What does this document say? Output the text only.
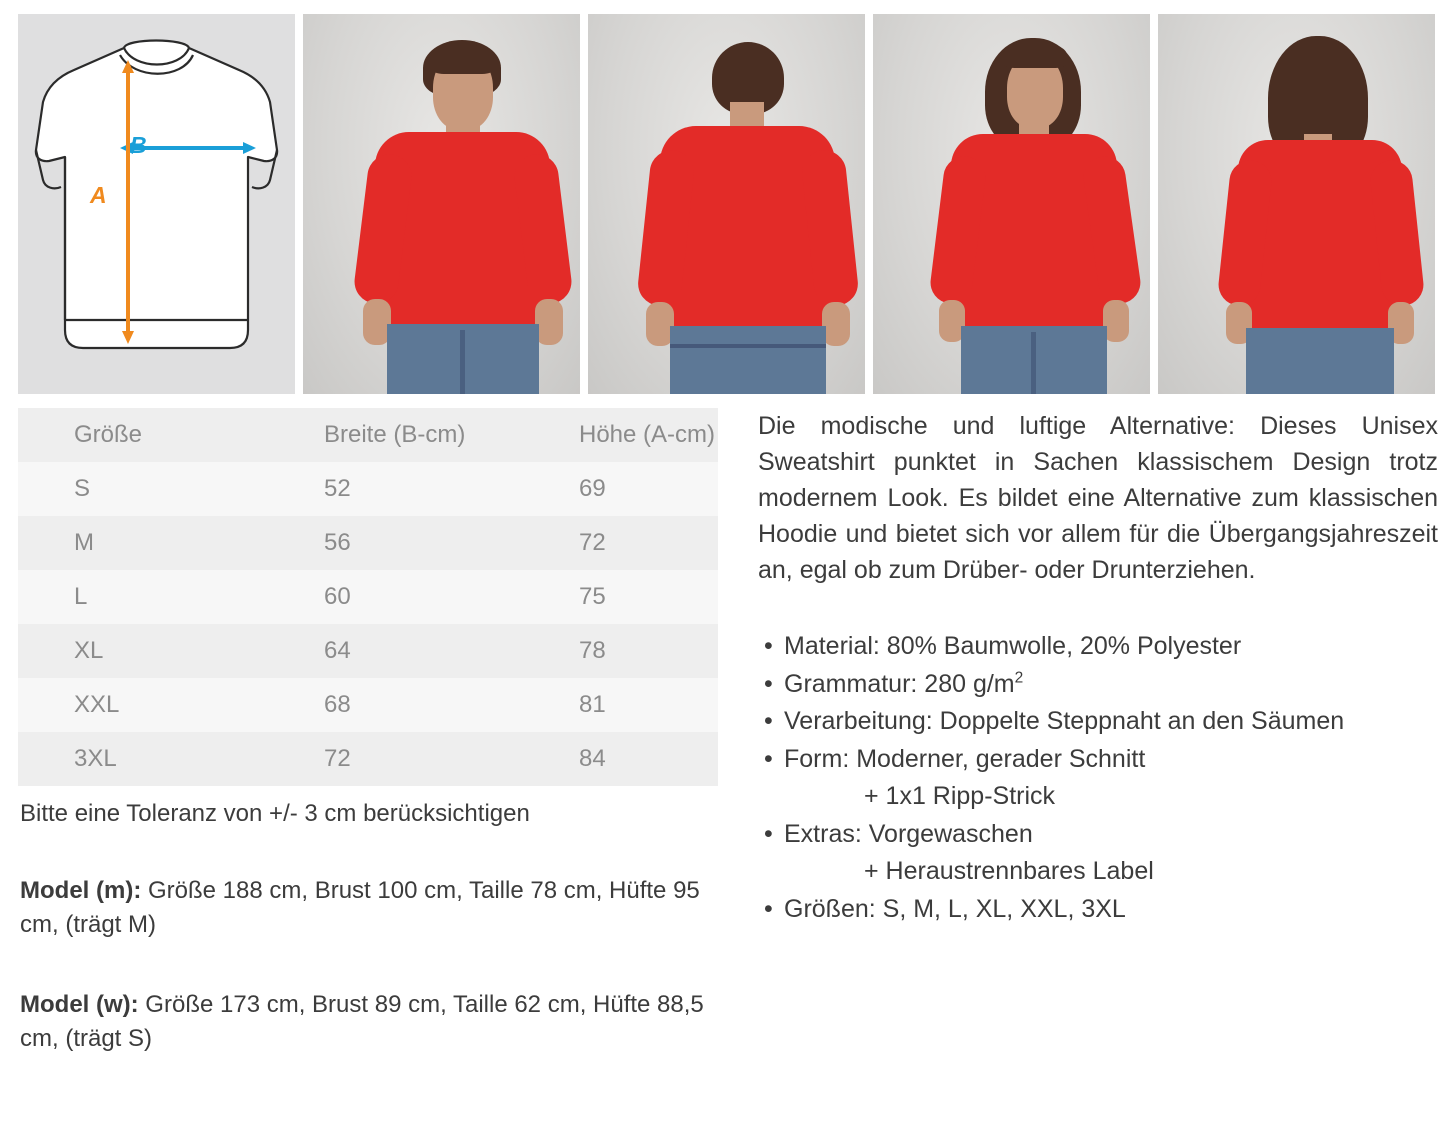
B
A
Größe	Breite (B-cm)	Höhe (A-cm)
S	52	69
M	56	72
L	60	75
XL	64	78
XXL	68	81
3XL	72	84

Bitte eine Toleranz von +/- 3 cm berücksichtigen

Model (m): Größe 188 cm, Brust 100 cm, Taille 78 cm, Hüfte 95 cm, (trägt M)

Model (w): Größe 173 cm, Brust 89 cm, Taille 62 cm, Hüfte 88,5 cm, (trägt S)

Die modische und luftige Alternative: Dieses Unisex Sweatshirt punktet in Sachen klassischem Design trotz modernem Look. Es bildet eine Alternative zum klassischen Hoodie und bietet sich vor allem für die Übergangsjahreszeit an, egal ob zum Drüber- oder Drunterziehen.

• Material: 80% Baumwolle, 20% Polyester
• Grammatur: 280 $g/m^2$
• Verarbeitung: Doppelte Steppnaht an den Säumen
• Form: Moderner, gerader Schnitt
+ 1x1 Ripp-Strick
• Extras: Vorgewaschen
+ Heraustrennbares Label
• Größen: S, M, L, XL, XXL, 3XL
